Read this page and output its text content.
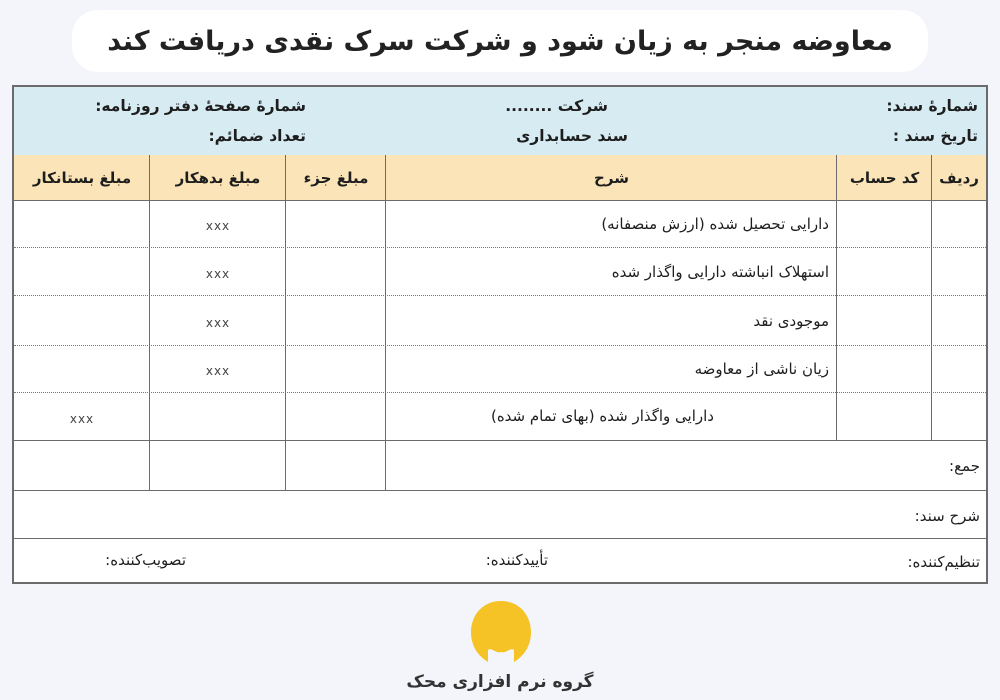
معاوضه منجر به زیان شود و شرکت سرک نقدی دریافت کند
شمارهٔ سند:
تاریخ سند :
شرکت ........
سند حسابداری
شمارهٔ صفحهٔ دفتر روزنامه:
تعداد ضمائم:
ردیف
کد حساب
شرح
مبلغ جزء
مبلغ بدهکار
مبلغ بستانکار
دارایی تحصیل شده (ارزش منصفانه)
xxx
استهلاک انباشته دارایی واگذار شده
xxx
موجودی نقد
xxx
زیان ناشی از معاوضه
xxx
دارایی واگذار شده (بهای تمام شده)
xxx
جمع:
شرح سند:
تنظیم‌کننده:
تأییدکننده:
تصویب‌کننده:
گروه نرم افزاری محک
